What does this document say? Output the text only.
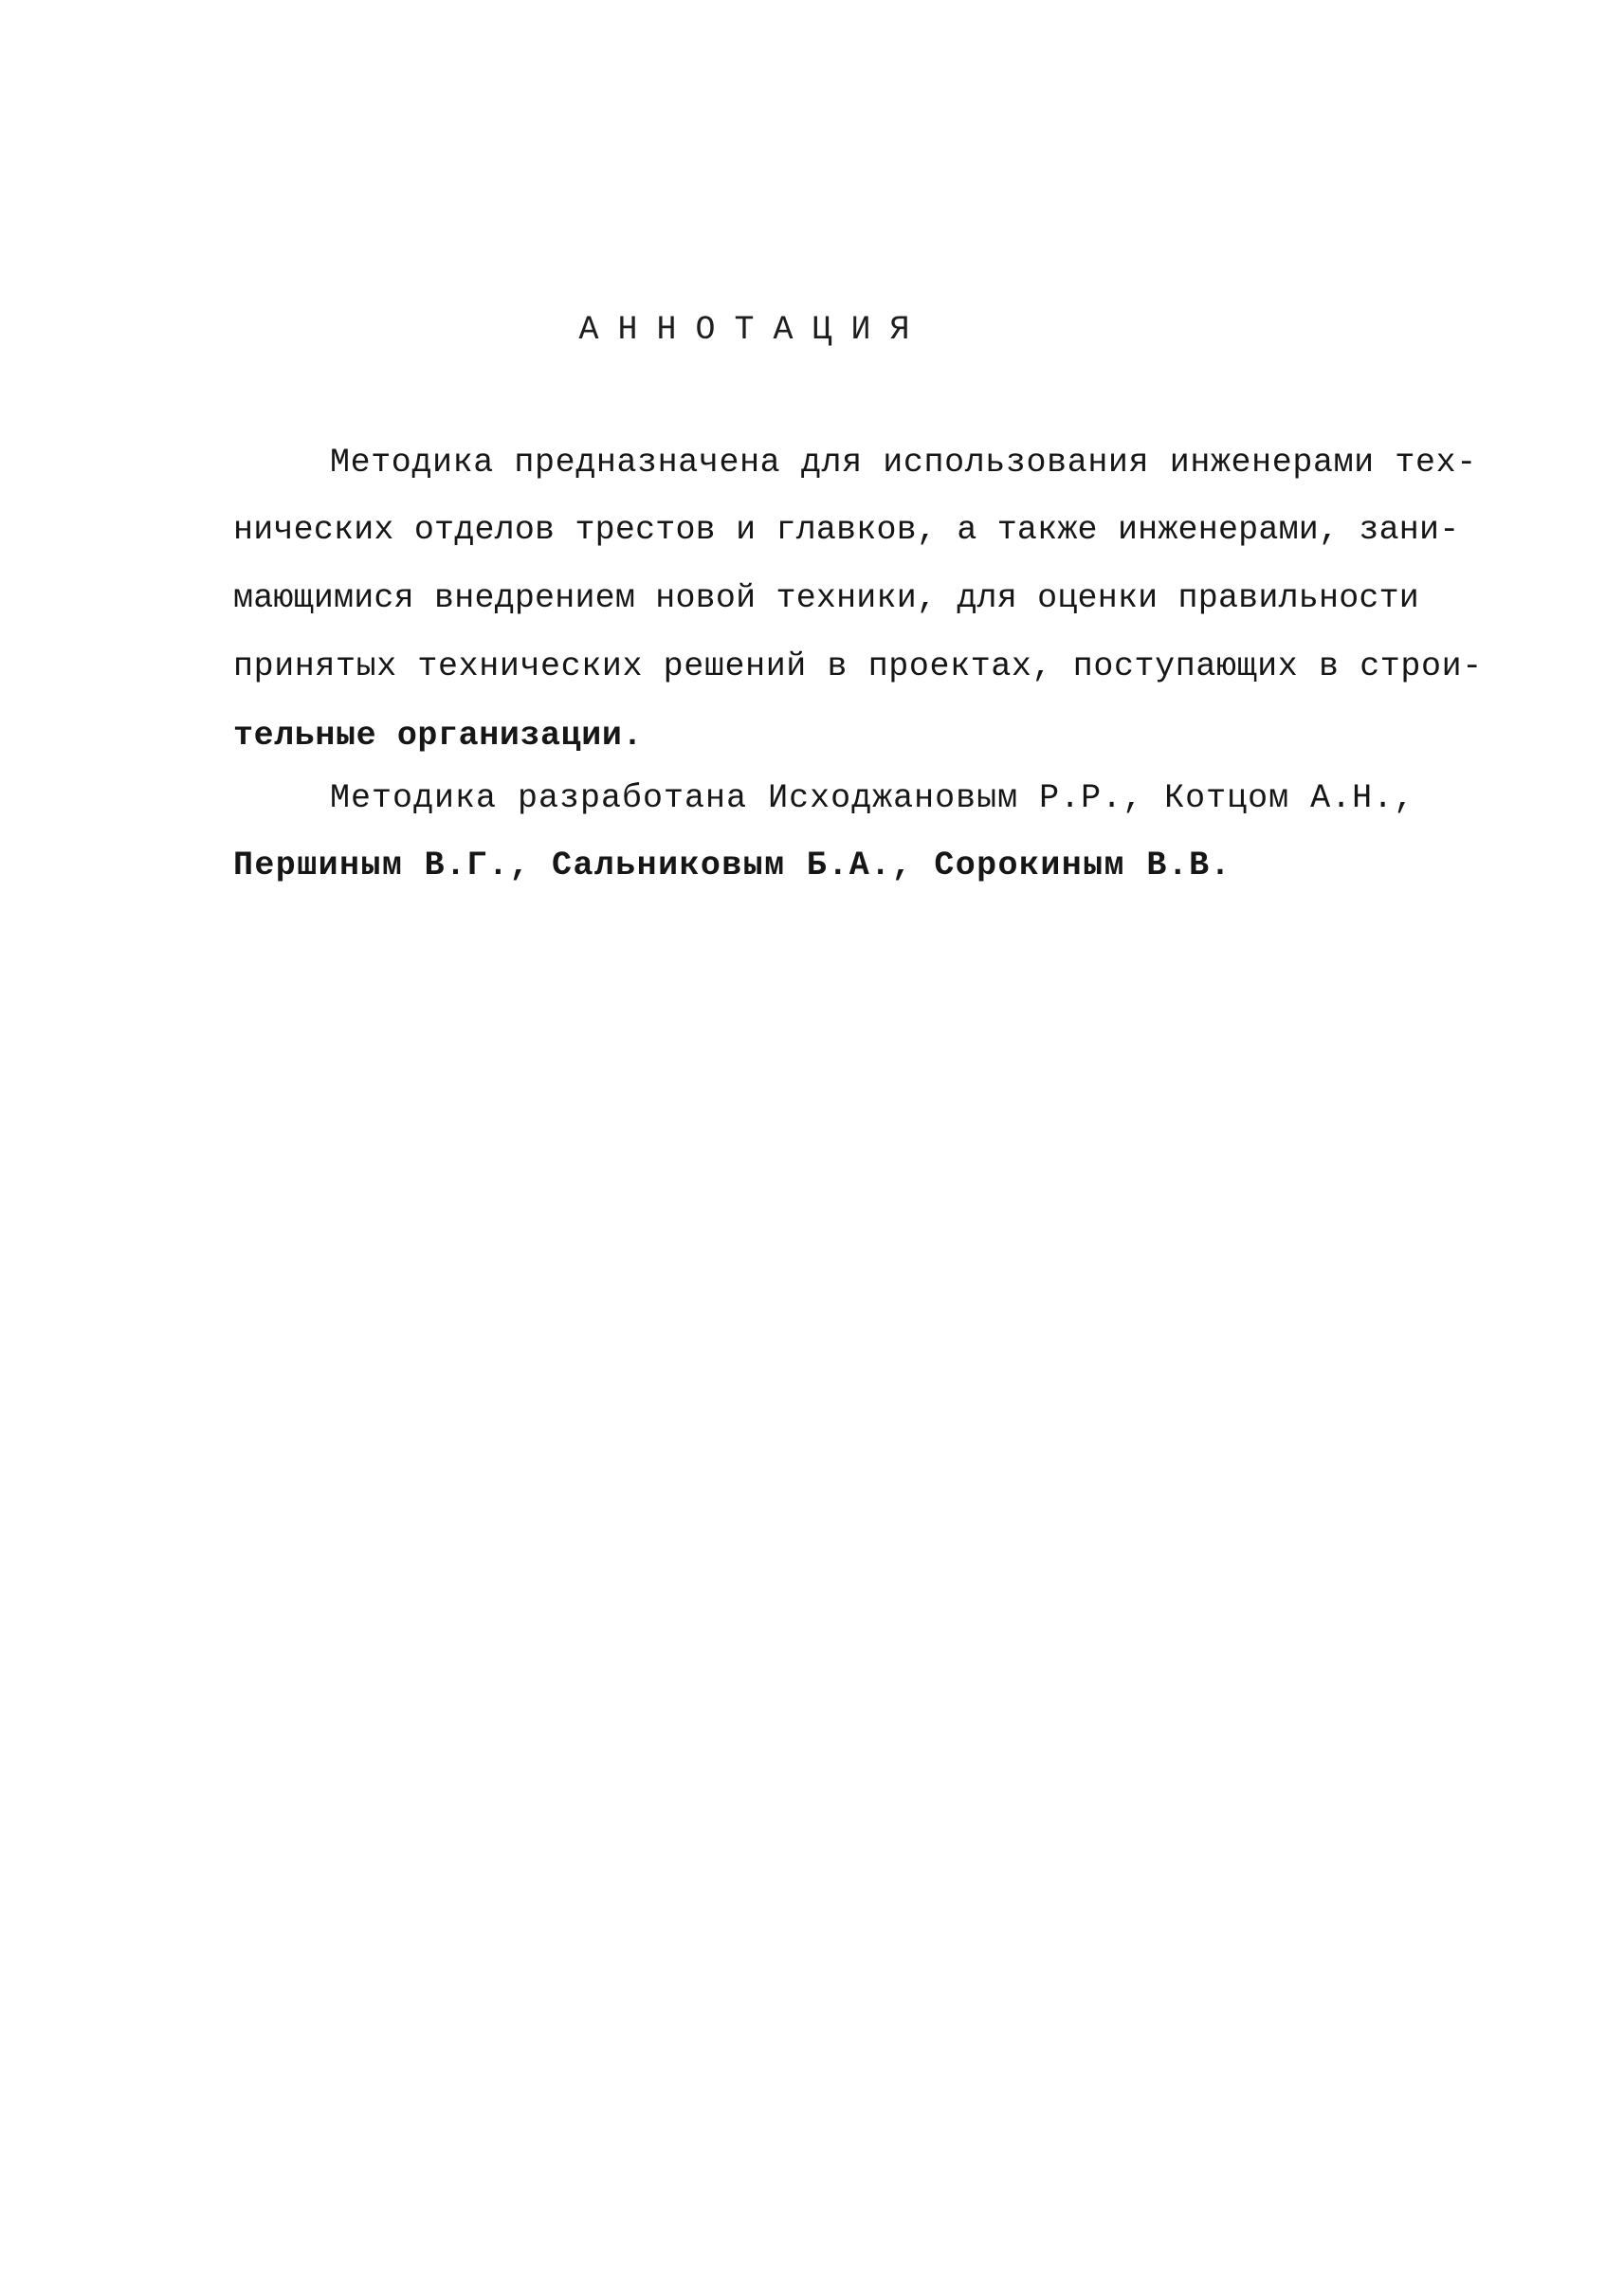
АННОТАЦИЯ
Методика предназначена для использования инженерами тех-
нических отделов трестов и главков, а также инженерами, зани-
мающимися внедрением новой техники, для оценки правильности
принятых технических решений в проектах, поступающих в строи-
тельные организации.
Методика разработана Исходжановым Р.Р., Котцом А.Н.,
Першиным В.Г., Сальниковым Б.А., Сорокиным В.В.
